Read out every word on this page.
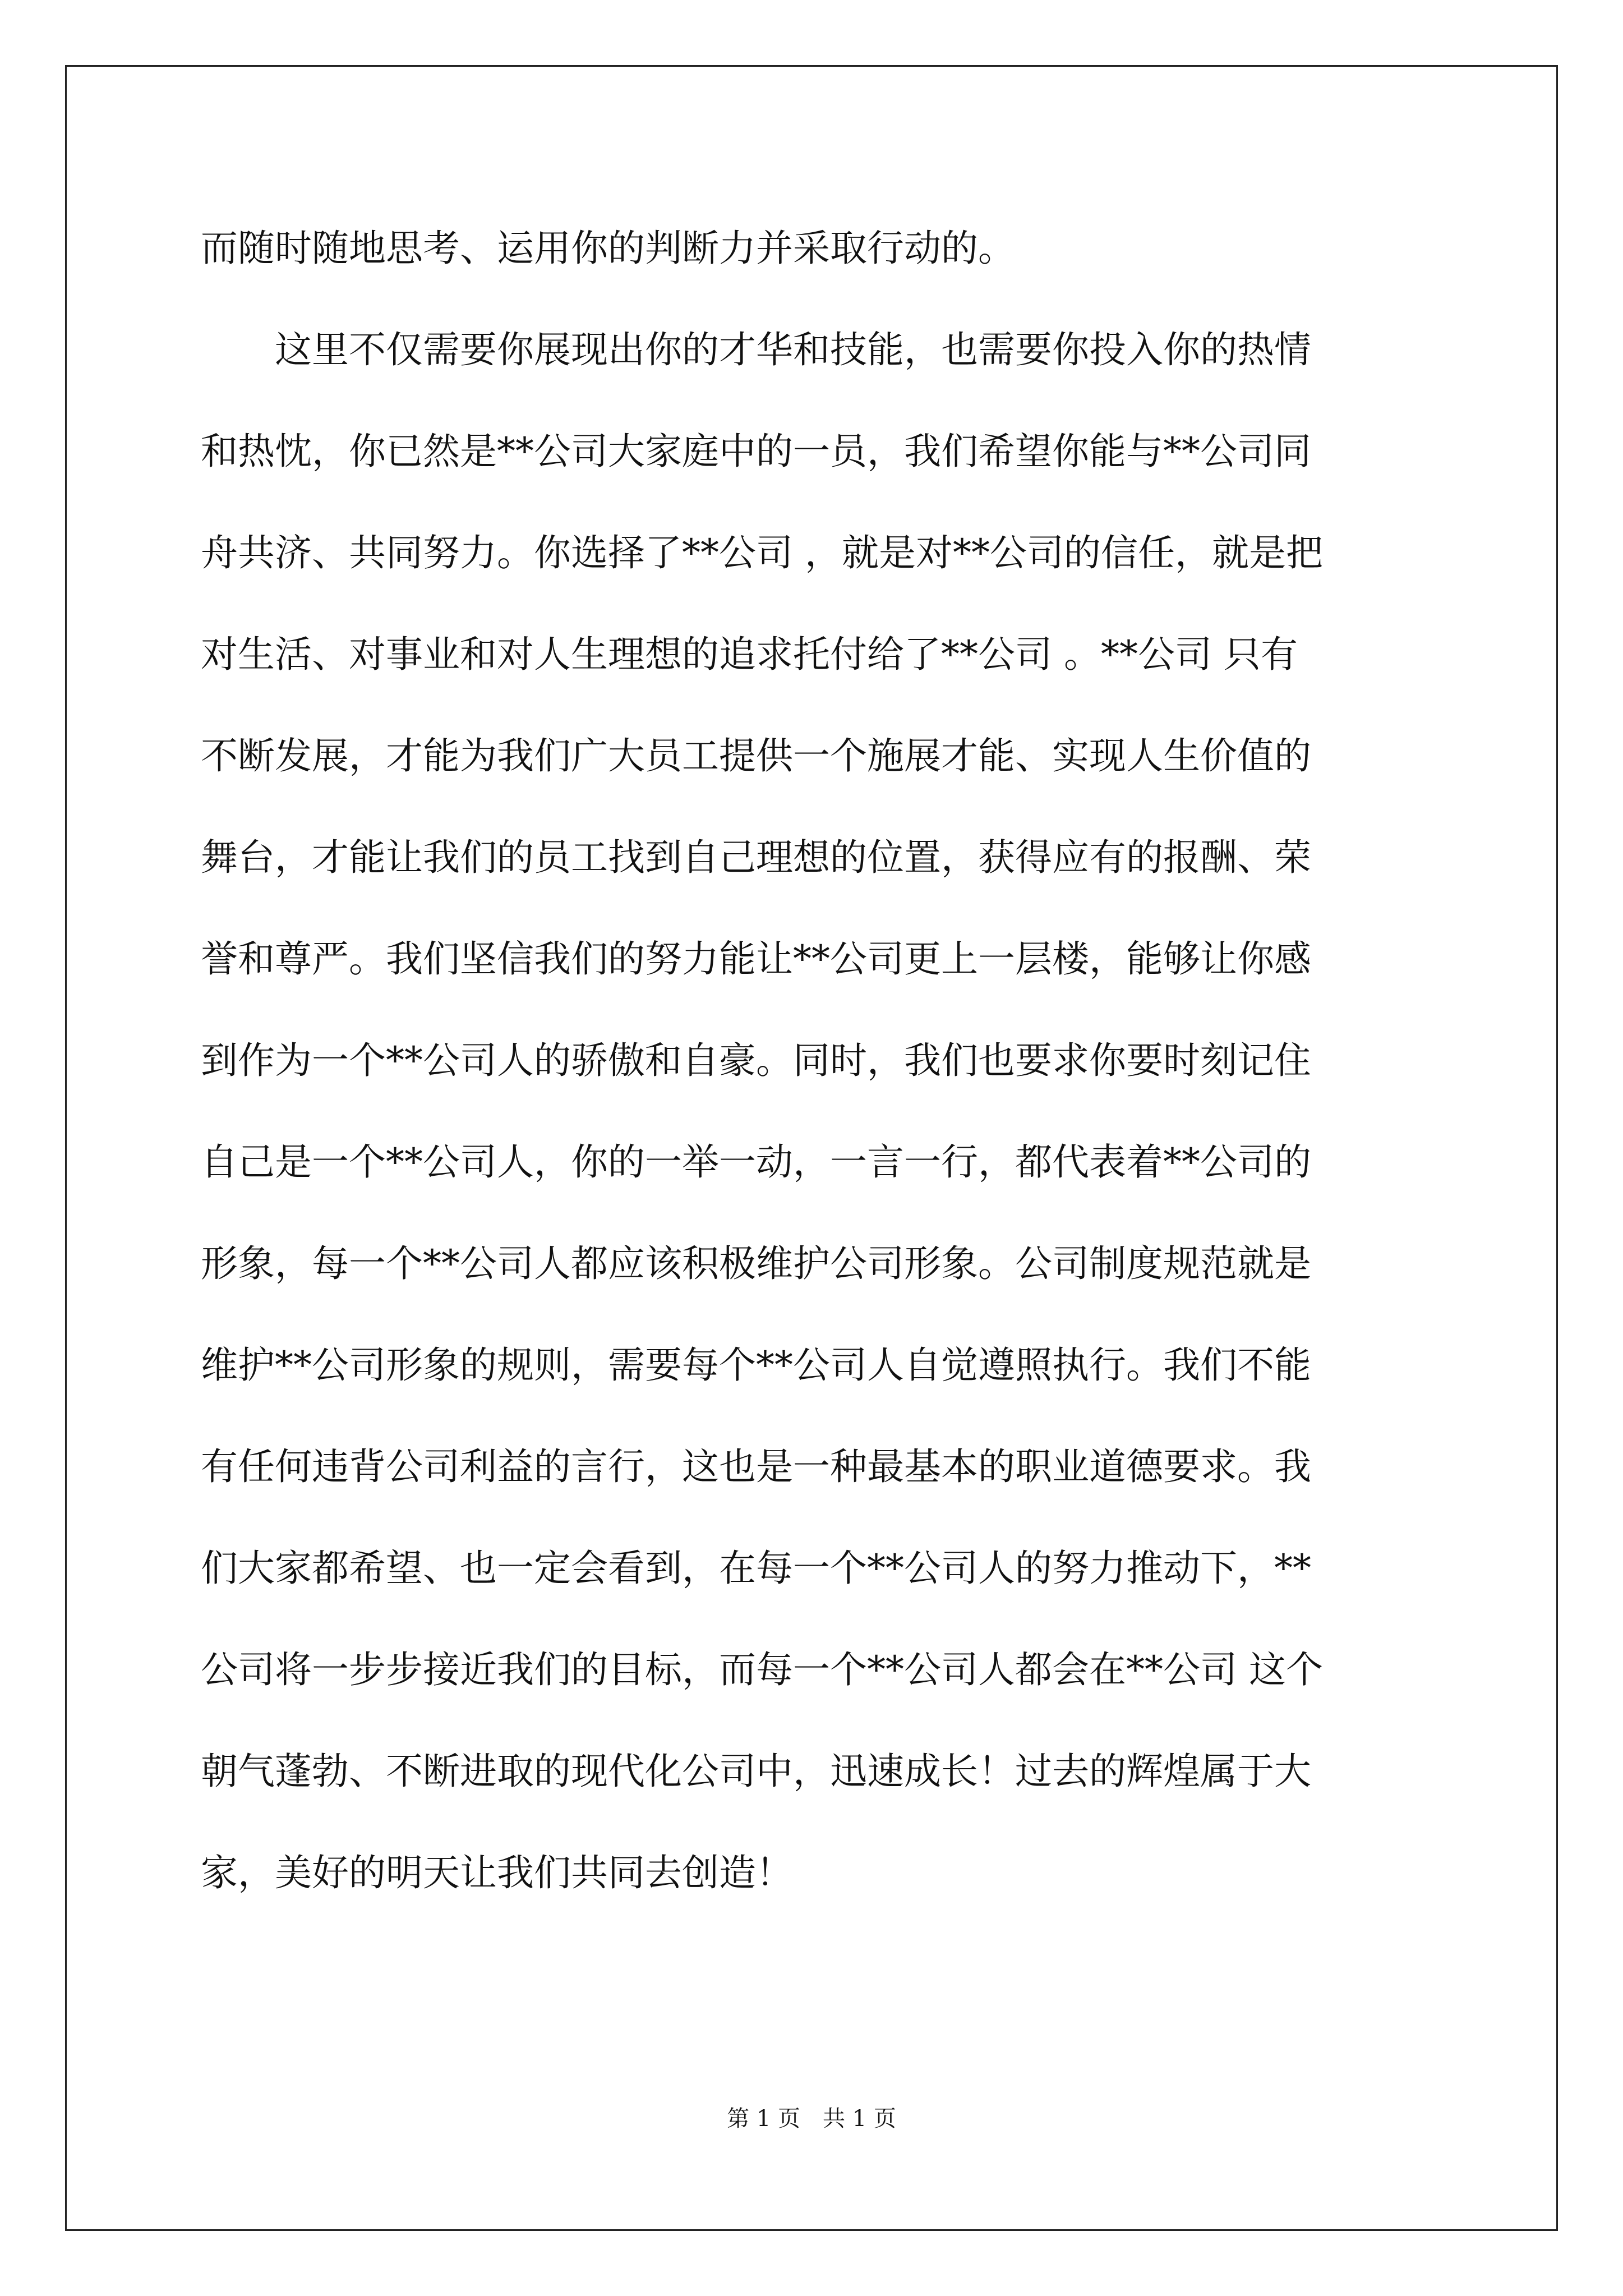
而随时随地思考、运用你的判断力并采取行动的。

这里不仅需要你展现出你的才华和技能，也需要你投入你的热情

和热忱，你已然是**公司大家庭中的一员，我们希望你能与**公司同

舟共济、共同努力。你选择了**公司 ，就是对**公司的信任，就是把

对生活、对事业和对人生理想的追求托付给了**公司 。**公司 只有

不断发展，才能为我们广大员工提供一个施展才能、实现人生价值的

舞台，才能让我们的员工找到自己理想的位置，获得应有的报酬、荣

誉和尊严。我们坚信我们的努力能让**公司更上一层楼，能够让你感

到作为一个**公司人的骄傲和自豪。同时，我们也要求你要时刻记住

自己是一个**公司人，你的一举一动，一言一行，都代表着**公司的

形象，每一个**公司人都应该积极维护公司形象。公司制度规范就是

维护**公司形象的规则，需要每个**公司人自觉遵照执行。我们不能

有任何违背公司利益的言行，这也是一种最基本的职业道德要求。我

们大家都希望、也一定会看到，在每一个**公司人的努力推动下，**

公司将一步步接近我们的目标，而每一个**公司人都会在**公司 这个

朝气蓬勃、不断进取的现代化公司中，迅速成长！过去的辉煌属于大

家，美好的明天让我们共同去创造！

第 1 页　共 1 页
